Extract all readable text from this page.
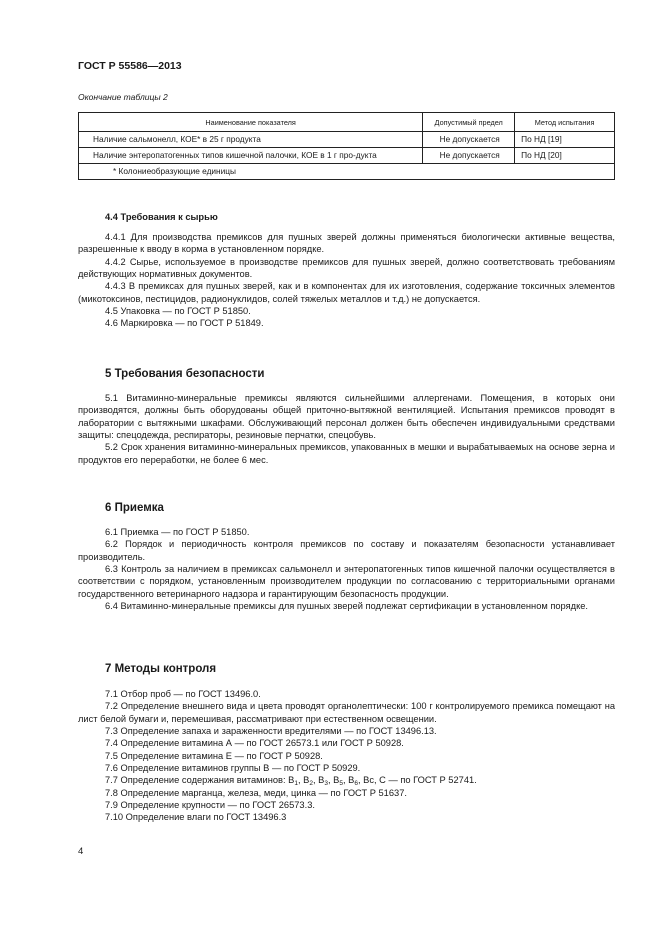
ГОСТ Р 55586—2013
Окончание таблицы 2
Наименование показателя	Допустимый предел	Метод испытания
Наличие сальмонелл, КОЕ* в 25 г продукта	Не допускается	По НД [19]
Наличие энтеропатогенных типов кишечной палочки, КОЕ в 1 г про-дукта	Не допускается	По НД [20]
* Колониеобразующие единицы		
4.4 Требования к сырью

4.4.1 Для производства премиксов для пушных зверей должны применяться биологически активные вещества, разрешенные к вводу в корма в установленном порядке.

4.4.2 Сырье, используемое в производстве премиксов для пушных зверей, должно соответствовать требованиям действующих нормативных документов.

4.4.3 В премиксах для пушных зверей, как и в компонентах для их изготовления, содержание токсичных элементов (микотоксинов, пестицидов, радионуклидов, солей тяжелых металлов и т.д.) не допускается.

4.5 Упаковка — по ГОСТ Р 51850.

4.6 Маркировка — по ГОСТ Р 51849.

5 Требования безопасности

5.1 Витаминно-минеральные премиксы являются сильнейшими аллергенами. Помещения, в которых они производятся, должны быть оборудованы общей приточно-вытяжной вентиляцией. Испытания премиксов проводят в лаборатории с вытяжными шкафами. Обслуживающий персонал должен быть обеспечен индивидуальными средствами защиты: спецодежда, респираторы, резиновые перчатки, спецобувь.

5.2 Срок хранения витаминно-минеральных премиксов, упакованных в мешки и вырабатываемых на основе зерна и продуктов его переработки, не более 6 мес.

6 Приемка

6.1 Приемка — по ГОСТ Р 51850.

6.2 Порядок и периодичность контроля премиксов по составу и показателям безопасности устанавливает производитель.

6.3 Контроль за наличием в премиксах сальмонелл и энтеропатогенных типов кишечной палочки осуществляется в соответствии с порядком, установленным производителем продукции по согласованию с территориальными органами государственного ветеринарного надзора и гарантирующим безопасность продукции.

6.4 Витаминно-минеральные премиксы для пушных зверей подлежат сертификации в установленном порядке.

7 Методы контроля

7.1 Отбор проб — по ГОСТ 13496.0.

7.2 Определение внешнего вида и цвета проводят органолептически: 100 г контролируемого премикса помещают на лист белой бумаги и, перемешивая, рассматривают при естественном освещении.

7.3 Определение запаха и зараженности вредителями — по ГОСТ 13496.13.

7.4 Определение витамина А — по ГОСТ 26573.1 или ГОСТ Р 50928.

7.5 Определение витамина Е — по ГОСТ Р 50928.

7.6 Определение витаминов группы В — по ГОСТ Р 50929.

7.7 Определение содержания витаминов: $В_1$, $В_2$, $В_3$, $В_5$, $В_6$, Вс, С — по ГОСТ Р 52741.

7.8 Определение марганца, железа, меди, цинка — по ГОСТ Р 51637.

7.9 Определение крупности — по ГОСТ 26573.3.

7.10 Определение влаги по ГОСТ 13496.3

4
